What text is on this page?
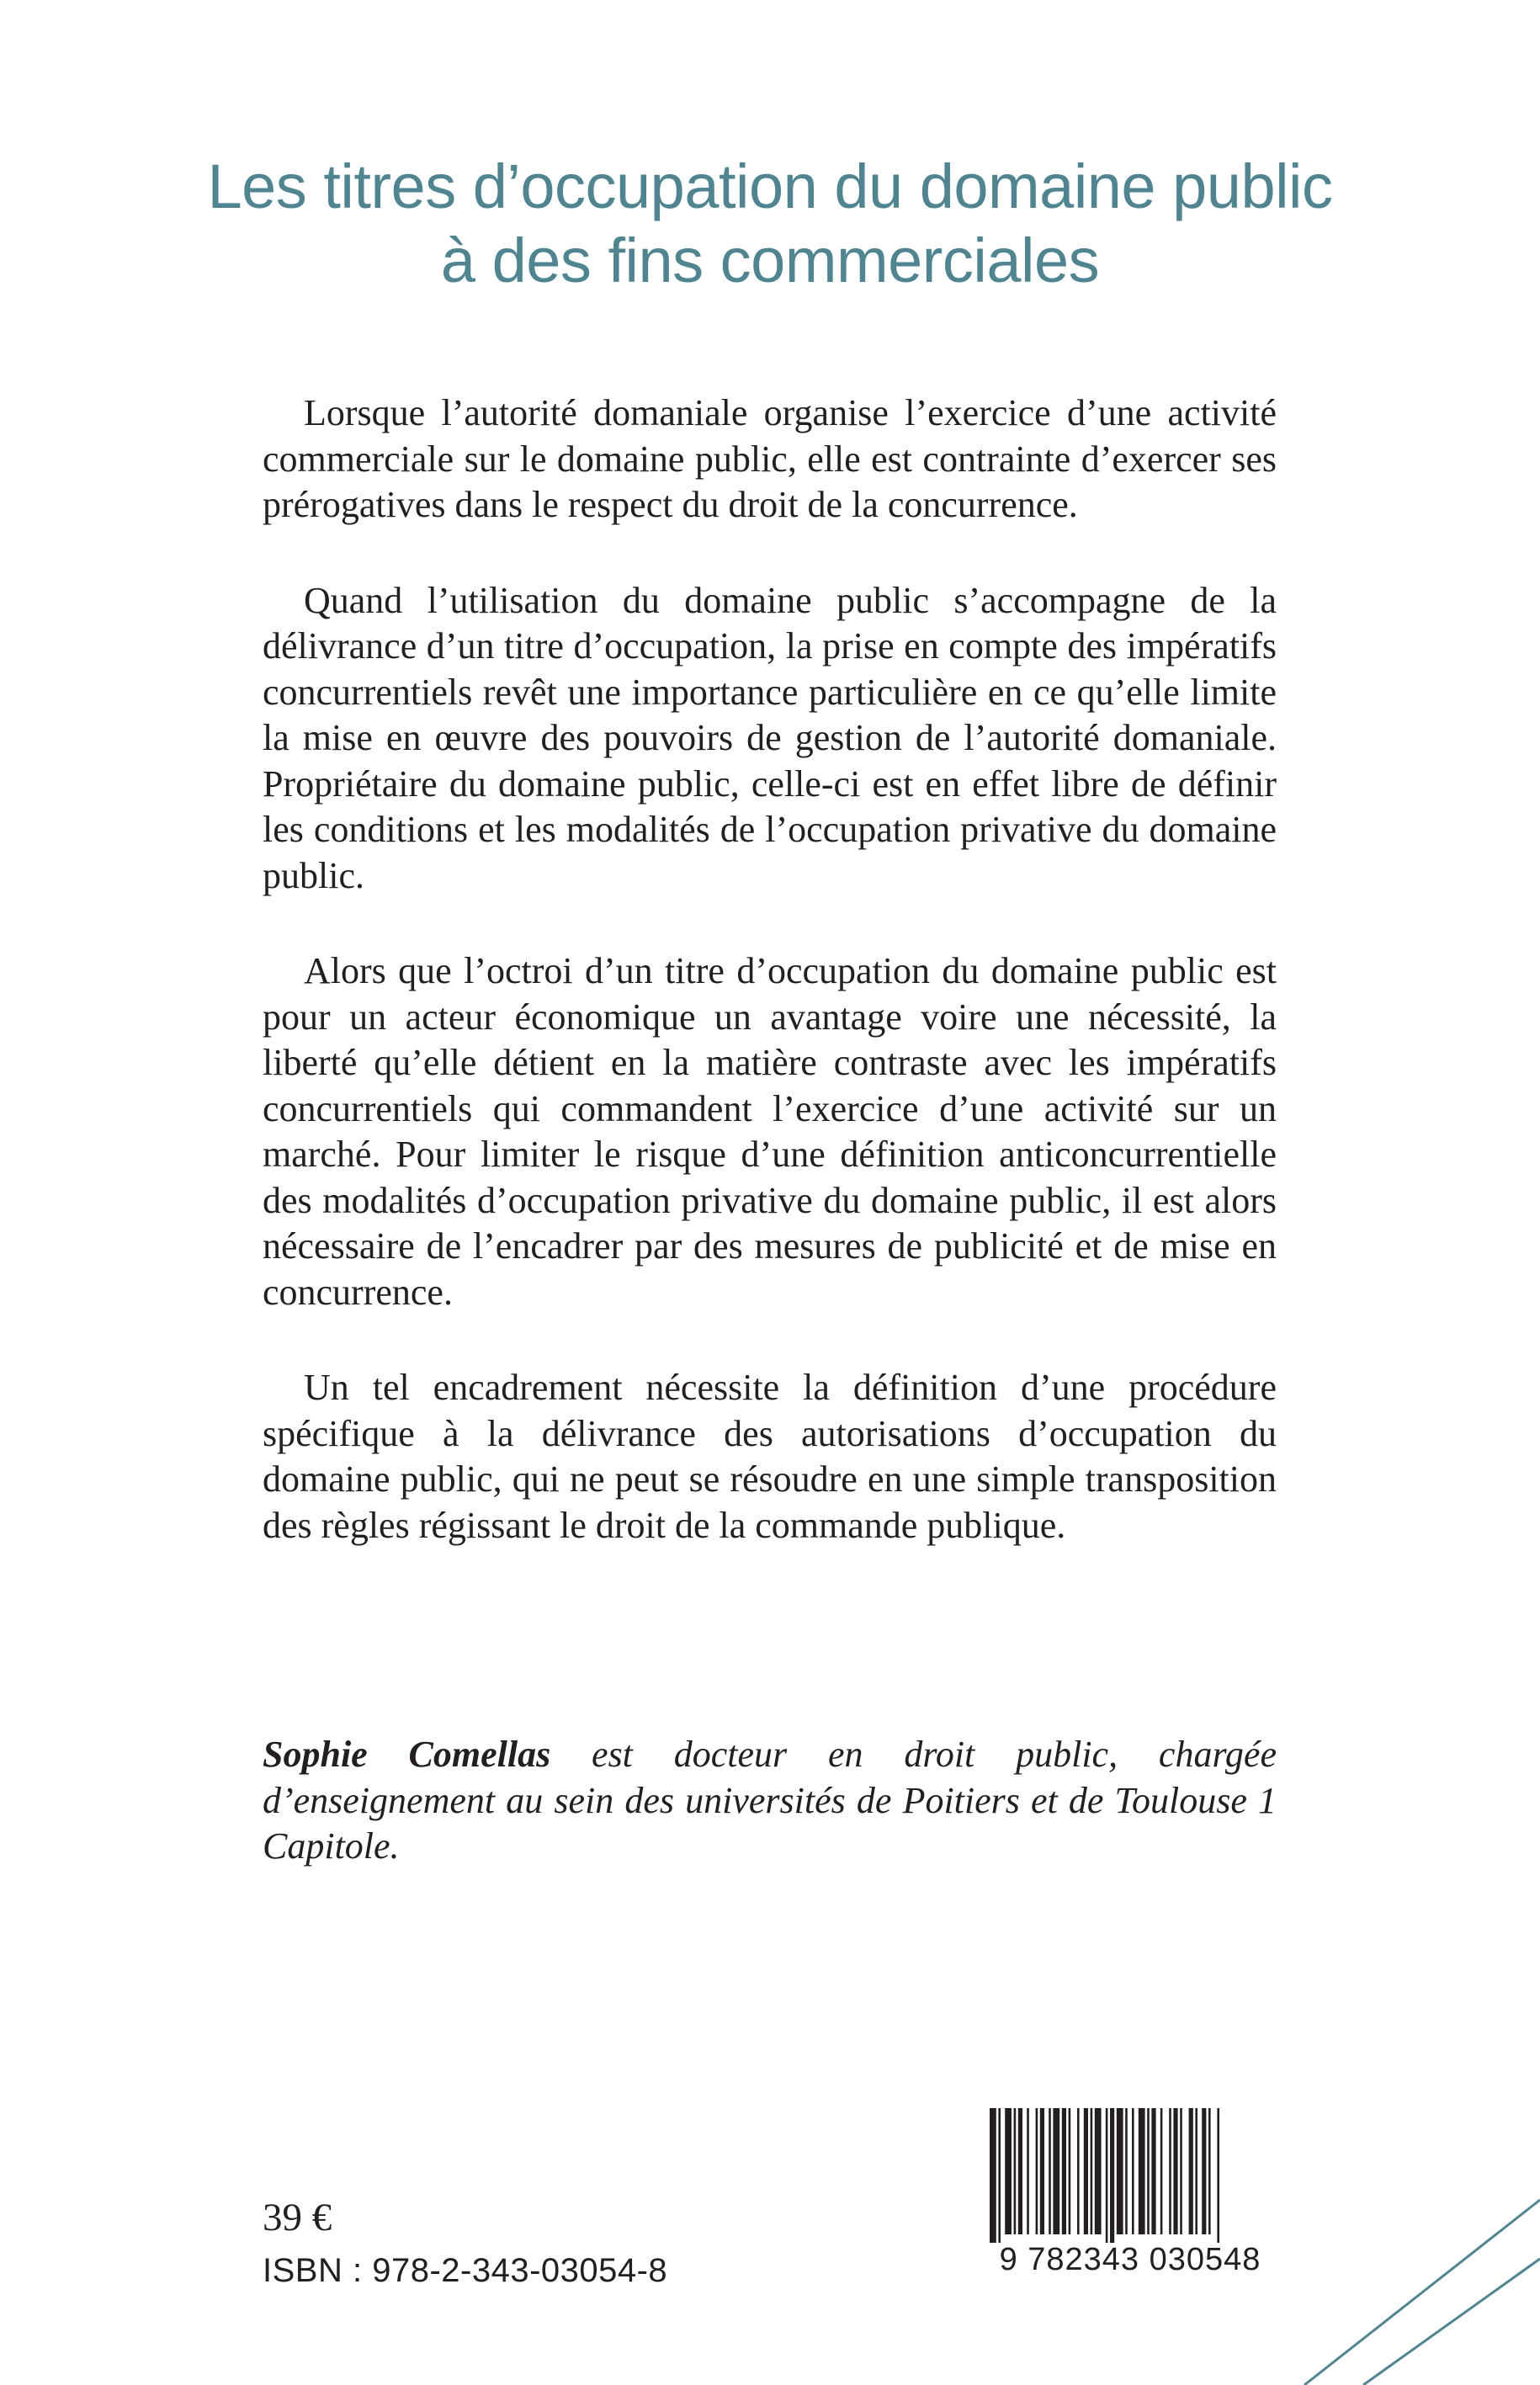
Les titres d’occupation du domaine public
à des fins commerciales

Lorsque l’autorité domaniale organise l’exercice d’une activité commerciale sur le domaine public, elle est contrainte d’exercer ses prérogatives dans le respect du droit de la concurrence.

Quand l’utilisation du domaine public s’accompagne de la délivrance d’un titre d’occupation, la prise en compte des impératifs concurrentiels revêt une importance particulière en ce qu’elle limite la mise en œuvre des pouvoirs de gestion de l’autorité domaniale. Propriétaire du domaine public, celle-ci est en effet libre de définir les conditions et les modalités de l’occupation privative du domaine public.

Alors que l’octroi d’un titre d’occupation du domaine public est pour un acteur économique un avantage voire une nécessité, la liberté qu’elle détient en la matière contraste avec les impératifs concurrentiels qui commandent l’exercice d’une activité sur un marché. Pour limiter le risque d’une définition anticoncurrentielle des modalités d’occupation privative du domaine public, il est alors nécessaire de l’encadrer par des mesures de publicité et de mise en concurrence.

Un tel encadrement nécessite la définition d’une procédure spécifique à la délivrance des autorisations d’occupation du domaine public, qui ne peut se résoudre en une simple transposition des règles régissant le droit de la commande publique.

Sophie Comellas est docteur en droit public, chargée d’enseignement au sein des universités de Poitiers et de Toulouse 1 Capitole.

39 €

ISBN : 978-2-343-03054-8	9 782343 030548
